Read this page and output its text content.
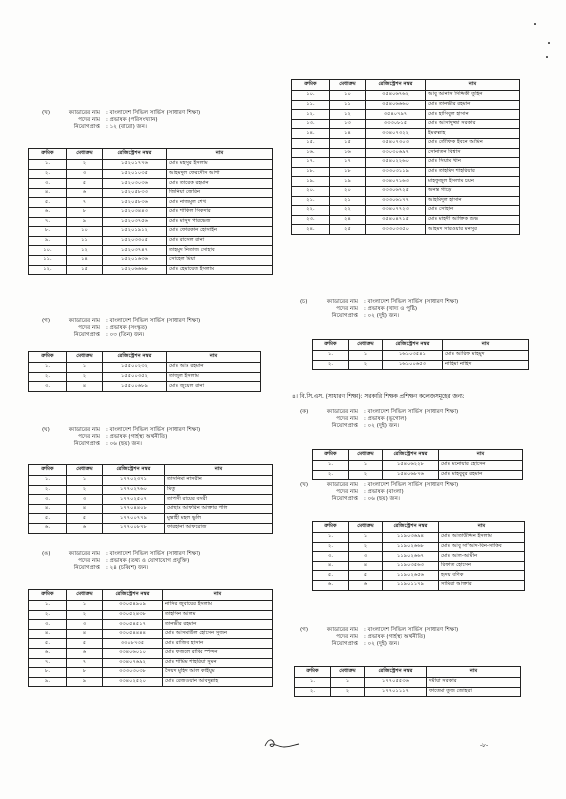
ক্রমিক	মেধাক্রম	রেজিস্ট্রেশন নম্বর	নাম
১০.	১০	৩৫৪০৬৭৬২	আবু আনাস সিদ্দিকী তুহিন
১১.	১১	৩৫৪০৬৬৬০	মোঃ তানভীর রহমান
১২.	১২	৩৫৪০৭৯৭	মোঃ হাসিবুল হাসান
১৩.	১৩	৩৩৩০৮১৫	মোঃ আসাদুজ্জা সরকার
১৪.	১৪	৩৩৪০৭৩২২	ইমরুল্লাহ
১৫.	১৫	৩৫৪০৭৩০৩	মোঃ তৌফিক ইবনে আমিন
১৬.	১৬	৩৩০৩০৬৯৭	সোনাতন বিশ্বাস
১৭.	১৭	৩৫৪০২২৬০	মোঃ সিয়াম খান
১৮.	১৮	৩৩৩০৩১১৯	মোঃ তাহমিদ শাহরিয়ার
১৯.	১৯	৩৩৪০৭১৬৩	মাহফুজুল ইসলাম চয়ন
২০.	২০	৩৩৩০৬৭২৫	অনন্ত গাড়ে
২১.	২১	৩৩৩০৬১৭৭	আহমিদুল হাসান
২২.	২২	৩৩৪০৭৭২৩	মোঃ সোহান
২৩.	২৪	৩৫৪০৪৭১৫	মোঃ মাহদী আক্তিক শুভ
২৪.	২৫	৩৩৩০৩৩৫০	আহমদ সারওয়ার মনসুর
(খ)	ক্যাডারের নাম	: বাংলাদেশ সিভিল সার্ভিস (সাধারণ শিক্ষা)
পদের নাম	: প্রভাষক (পরিসংখ্যান)
নিয়োগপ্রাপ্ত	: ১২ (বারো) জন।
ক্রমিক	মেধাক্রম	রেজিস্ট্রেশন নম্বর	নাম
১.	২	১৫২০১৭৭৬	মোঃ মহসুর ইসলাম
২.	৩	১৫২০১০৩৫	আহমদুল ফেরদৌস আশা
৩.	৫	১৫২০৩০৩৬	মোঃ তারেক রহমান
৪.	৬	১৫২০৫৮৩৩	জিনিয়া জেরিন
৫.	৭	১৫২০৫৮৩৬	মোঃ নাজমুল শেখ
৬.	৮	১৫২০৩৪৪৩	মোঃ শাকিল সিকদার
৭.	৯	১৫২০৩৭৫৬	মোঃ মাসুদ পারভেজ
৮.	১০	১৫২০১৯১২	মোঃ ফোরকান হোসাইন
৯.	১১	১৫২০৩৩০৫	মোঃ রাসেল রানা
১০.	১২	১৫২০৩৭৪৭	তাহমুদ নিতাজ সোহাব
১১.	১৪	১৫২০১৬৩৬	সোহেল মিয়া
১২.	১৫	১৫২০৬৬৬৮	মোঃ হেমায়েত ইসলাম
(গ)	ক্যাডারের নাম	: বাংলাদেশ সিভিল সার্ভিস (সাধারণ শিক্ষা)
পদের নাম	: প্রভাষক (সংস্কৃত)
নিয়োগপ্রাপ্ত	: ০৩ (তিন) জন।
ক্রমিক	মেধাক্রম	রেজিস্ট্রেশন নম্বর	নাম
১.	১	১৫৫০০২৩২	মোঃ আঃ রহমান
২.	২	১৫৫০০৩৫২	তাজুল ইসলাম
৩.	৪	১৫৫০০৬৮৯	মোঃ জুয়েল রানা
(ঘ)	ক্যাডারের নাম	: বাংলাদেশ সিভিল সার্ভিস (সাধারণ শিক্ষা)
পদের নাম	: প্রভাষক (গার্হস্থ্য অর্থনীতি)
নিয়োগপ্রাপ্ত	: ০৬ (ছয়) জন।
ক্রমিক	মেধাক্রম	রেজিস্ট্রেশন নম্বর	নাম
১.	১	১৭৭০২৩৭১	তাসনিমা নাসরীন
২.	২	১৭৭০২৭৬০	মিতু
৩.	৩	১৭৭০২৫০৭	তাপসী রায়ের বসরী
৪.	৪	১৭৭০৪৪০৮	মোছাঃ আফরিন আক্তার পলি
৫.	৫	১৭৭০০৭৭৯	মুন্তাহী মহল ভুলি
৬.	৬	১৭৭০০৮৭৮	ফারহানা আফরোজ
(ঙ)	ক্যাডারের নাম	: বাংলাদেশ সিভিল সার্ভিস (সাধারণ শিক্ষা)
পদের নাম	: প্রভাষক (তথ্য ও যোগাযোগ প্রযুক্তি)
নিয়োগপ্রাপ্ত	: ২৪ (চব্বিশ) জন।
ক্রমিক	মেধাক্রম	রেজিস্ট্রেশন নম্বর	নাম
১.	১	৩৩০৫৪৯০৯	নাসির জুবায়ের ইসলাম
২.	২	৩৩০৫২৪৩৮	তাহসিন আলম
৩.	৩	৩৩০৫৪৫১৭	তানভীর রহমান
৪.	৪	৩৩০৫৪৪৪৪	মোঃ আসমাউল হোসেন সুজন
৫.	৫	৩৩০৮৭৩৫	মোঃ রাজিব হাসান
৬.	৬	৩৩৪০৬০১০	মোঃ ফজলে রাব্বি স্পন্দন
৭.	৭	৩৩৪০৭৬৯২	মোঃ শামিম শাহরিয়া সুমন
৮.	৮	৩৩৩০৩০৩৮	সৈয়দ মুহিদ আল কাইয়ুম
৯.	৯	৩৩৪০২৫২০	মোঃ রেজওয়ান আবদুল্লাহ
(চ)	ক্যাডারের নাম	: বাংলাদেশ সিভিল সার্ভিস (সাধারণ শিক্ষা)
পদের নাম	: প্রভাষক (খাদ্য ও পুষ্টি)
নিয়োগপ্রাপ্ত	: ০২ (দুই) জন।
ক্রমিক	মেধাক্রম	রেজিস্ট্রেশন নম্বর	নাম
১.	১	১৬১০৩৫৪১	মোঃ আরিফ মাহমুদ
২.	২	১৬১০০৬৫৩	নাহিমা নাহিদ
৪। বি.সি.এস. (সাধারণ শিক্ষা): সরকারি শিক্ষক প্রশিক্ষণ কলেজসমূহের জন্য:
(ক)	ক্যাডারের নাম	: বাংলাদেশ সিভিল সার্ভিস (সাধারণ শিক্ষা)
পদের নাম	: প্রভাষক (ভূগোল)
নিয়োগপ্রাপ্ত	: ০২ (দুই) জন।
ক্রমিক	মেধাক্রম	রেজিস্ট্রেশন নম্বর	নাম
১.	১	১৫৪০৬২২৮	মোঃ মনোয়ার হোসেন
২.	২	১৫৪০৬৮৭৬	মোঃ মাহবুবুর রহমান
(খ)	ক্যাডারের নাম	: বাংলাদেশ সিভিল সার্ভিস (সাধারণ শিক্ষা)
পদের নাম	: প্রভাষক (বাংলা)
নিয়োগপ্রাপ্ত	: ০৬ (ছয়) জন।
ক্রমিক	মেধাক্রম	রেজিস্ট্রেশন নম্বর	নাম
১.	১	১১৯০৩৬৯৪	মোঃ আতাউদ্দিন ইসলাম
২.	২	১১৯০২৬৬৮	মোঃ আবু সা'আদ-বিন-সাকিব
৩.	৩	১১৯০২৬৬৭	মোঃ আল-আমীন
৪.	৪	১১৯০৩৫৬৩	রিফাত হোসেন
৫.	৫	১১৯০২৬৫৬	হৃদয় বণিক
৬.	৬	১১৯০১১৭৯	সামিরা আক্তার
(গ)	ক্যাডারের নাম	: বাংলাদেশ সিভিল সার্ভিস (সাধারণ শিক্ষা)
পদের নাম	: প্রভাষক (গার্হস্থ্য অর্থনীতি)
নিয়োগপ্রাপ্ত	: ০২ (দুই) জন।
ক্রমিক	মেধাক্রম	রেজিস্ট্রেশন নম্বর	নাম
১.	১	১৭৭০৫৫৩৬	দমীয়া সরকার
২.	২	১৭৭০১১১৭	ফাতেমা তুজ জোহরা
-৮-
